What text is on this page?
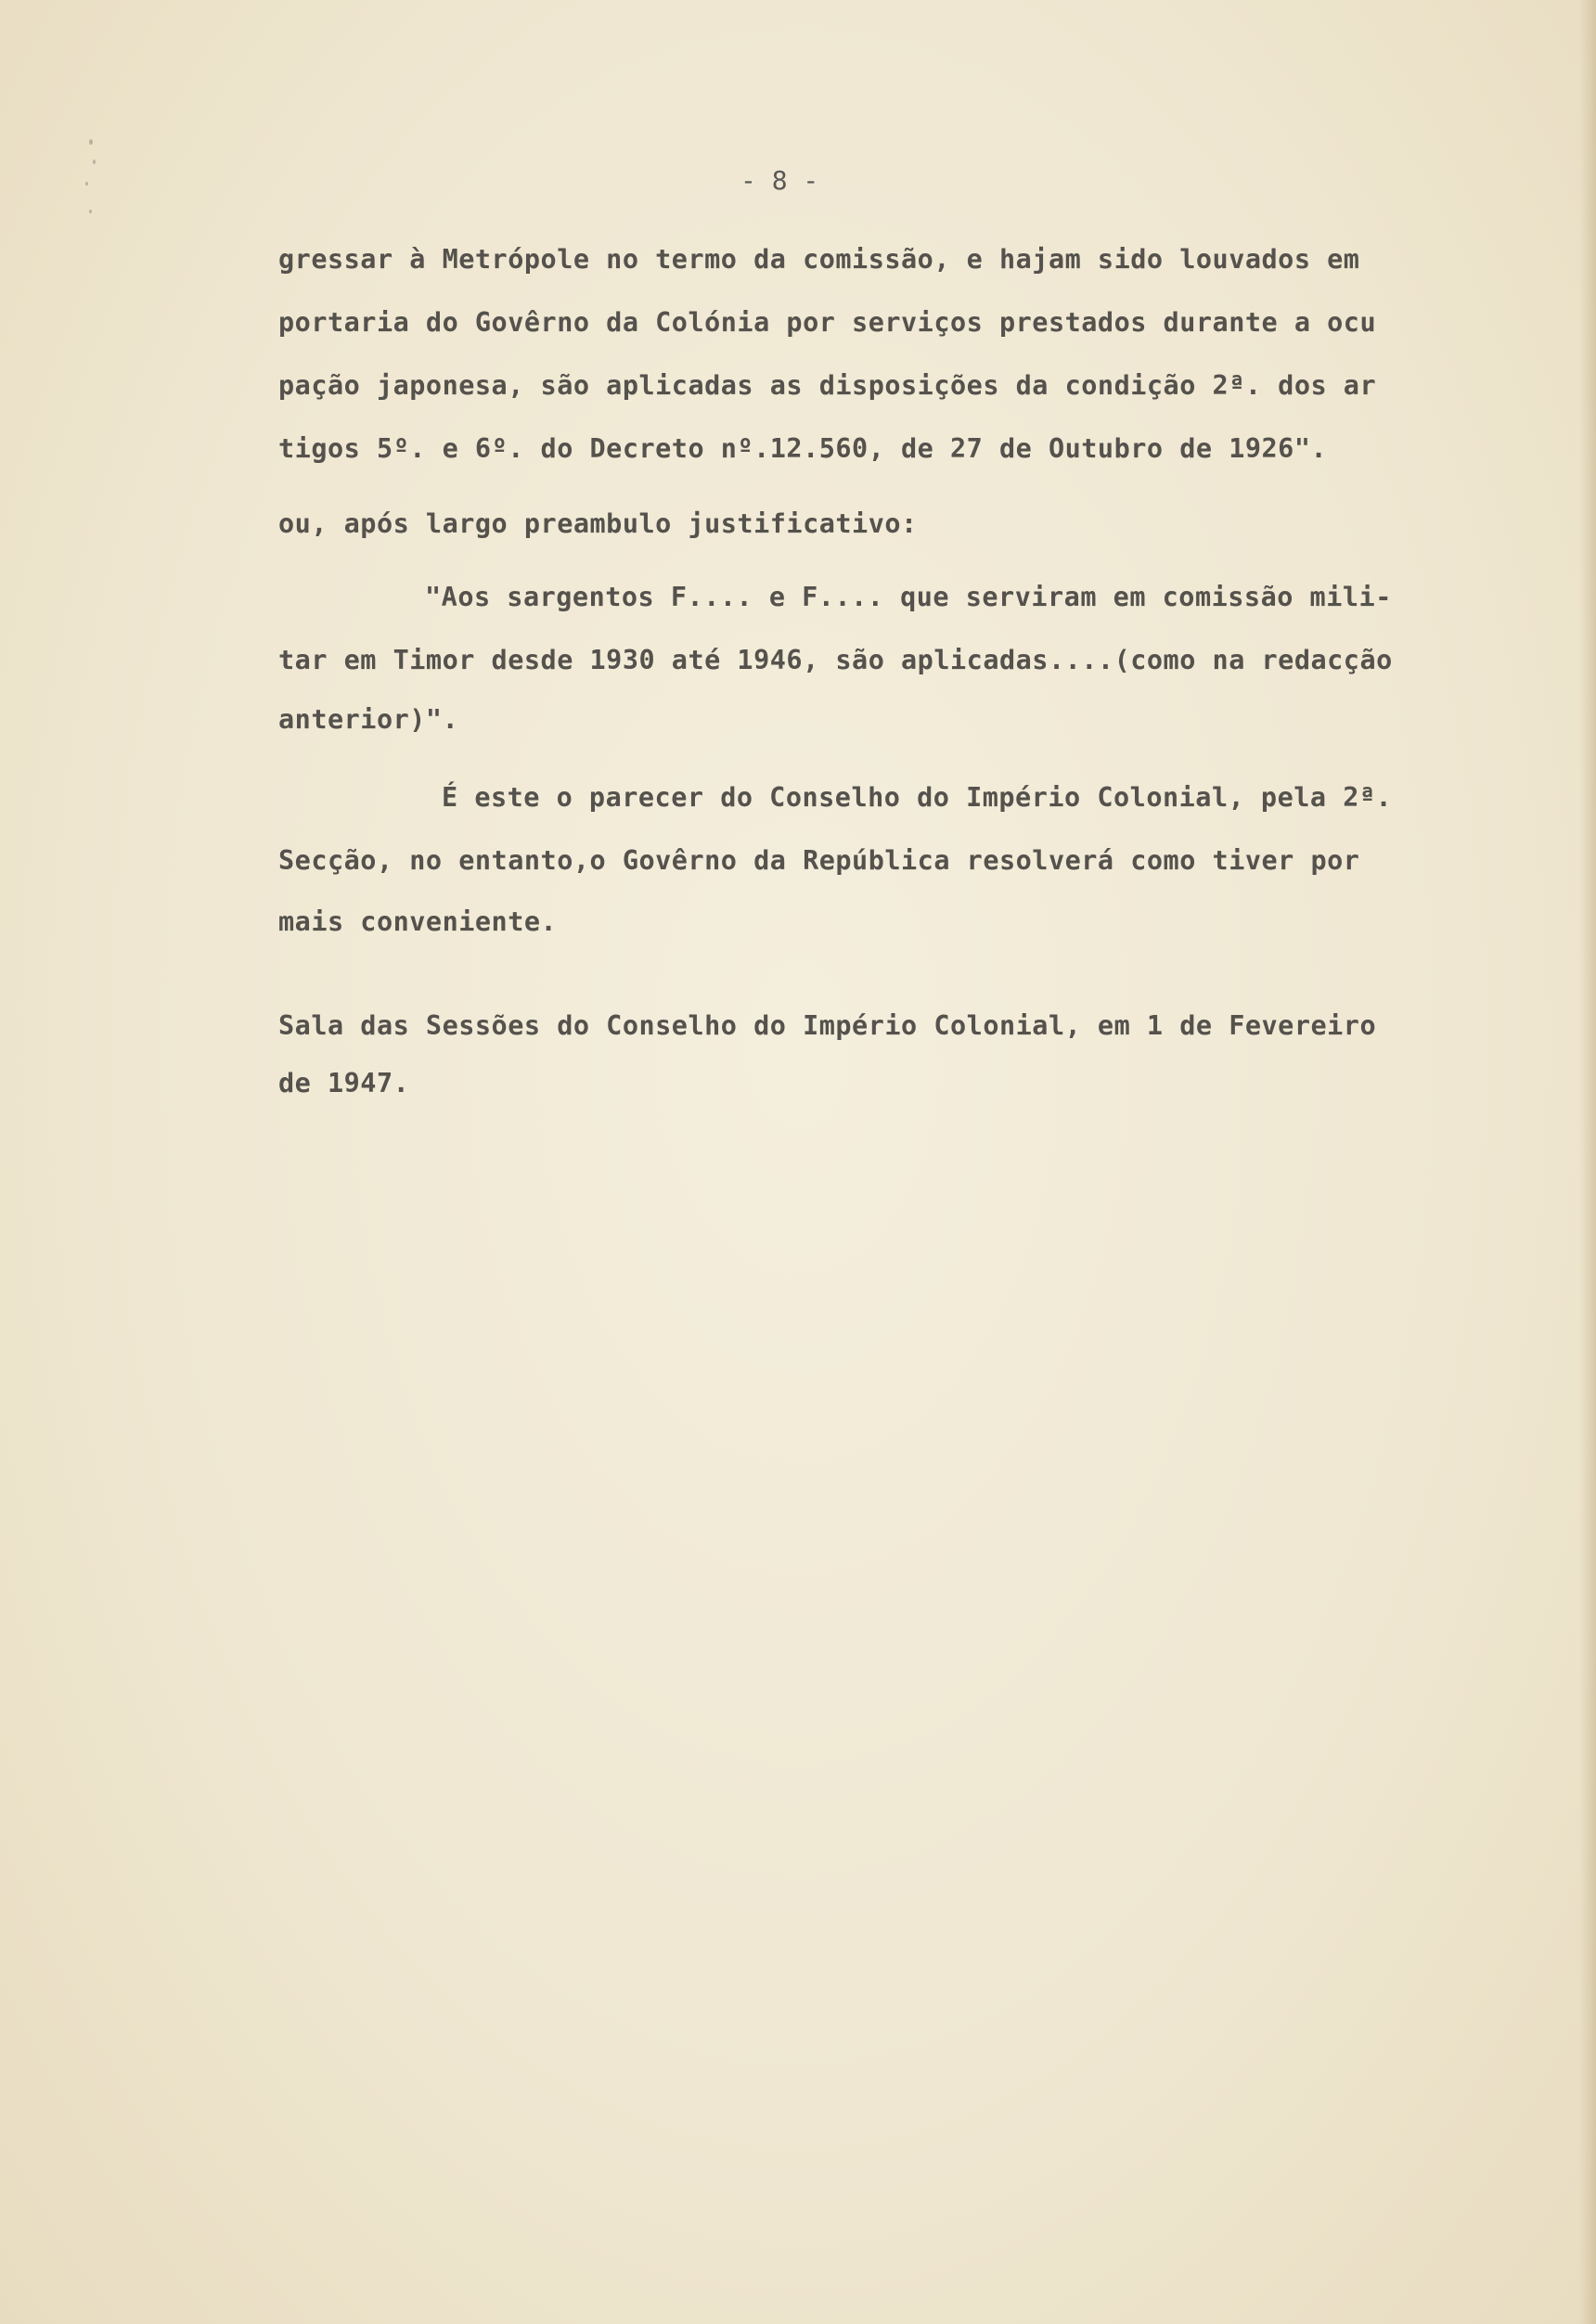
- 8 -
gressar à Metrópole no termo da comissão, e hajam sido louvados em
portaria do Govêrno da Colónia por serviços prestados durante a ocu
pação japonesa, são aplicadas as disposições da condição 2ª. dos ar
tigos 5º. e 6º. do Decreto nº.12.560, de 27 de Outubro de 1926".
ou, após largo preambulo justificativo:
"Aos sargentos F.... e F.... que serviram em comissão mili-
tar em Timor desde 1930 até 1946, são aplicadas....(como na redacção
anterior)".
É este o parecer do Conselho do Império Colonial, pela 2ª.
Secção, no entanto,o Govêrno da República resolverá como tiver por
mais conveniente.
Sala das Sessões do Conselho do Império Colonial, em 1 de Fevereiro
de 1947.
